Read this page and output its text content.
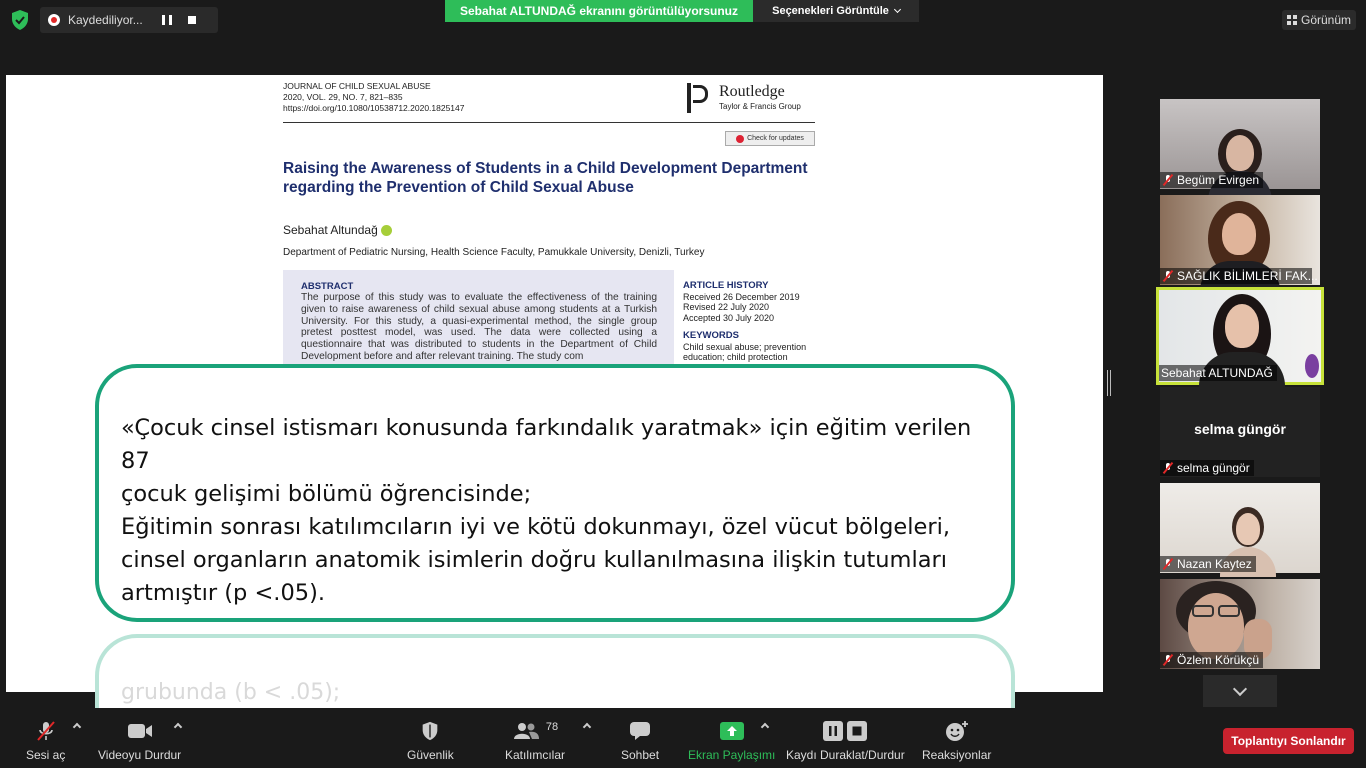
Kaydediliyor...
Sebahat ALTUNDAĞ ekranını görüntülüyorsunuz	Seçenekleri Görüntüle
Görünüm
JOURNAL OF CHILD SEXUAL ABUSE
2020, VOL. 29, NO. 7, 821–835
https://doi.org/10.1080/10538712.2020.1825147
Routledge
Taylor & Francis Group
Check for updates
Raising the Awareness of Students in a Child Development Department regarding the Prevention of Child Sexual Abuse
Sebahat Altundağ
Department of Pediatric Nursing, Health Science Faculty, Pamukkale University, Denizli, Turkey
ABSTRACT
The purpose of this study was to evaluate the effectiveness of the training given to raise awareness of child sexual abuse among students at a Turkish University. For this study, a quasi-experimental method, the single group pretest posttest model, was used. The data were collected using a questionnaire that was distributed to students in the Department of Child Development before and after relevant training. The study com
ARTICLE HISTORY
Received 26 December 2019
Revised 22 July 2020
Accepted 30 July 2020
KEYWORDS
Child sexual abuse; prevention education; child protection
«Çocuk cinsel istismarı konusunda farkındalık yaratmak» için eğitim verilen 87
çocuk gelişimi bölümü öğrencisinde;
Eğitimin sonrası katılımcıların iyi ve kötü dokunmayı, özel vücut bölgeleri,
cinsel organların anatomik isimlerin doğru kullanılmasına ilişkin tutumları
artmıştır (p <.05).
grubunda (b < .05);
Begüm Evirgen
SAĞLIK BİLİMLERİ FAK...
Sebahat ALTUNDAĞ
selma güngör
selma güngör
Nazan Kaytez
Özlem Körükçü
Sesi aç	Videoyu Durdur	Güvenlik
78
Katılımcılar	Sohbet Ekran Paylaşımı Kaydı Duraklat/Durdur Reaksiyonlar
Toplantıyı Sonlandır
